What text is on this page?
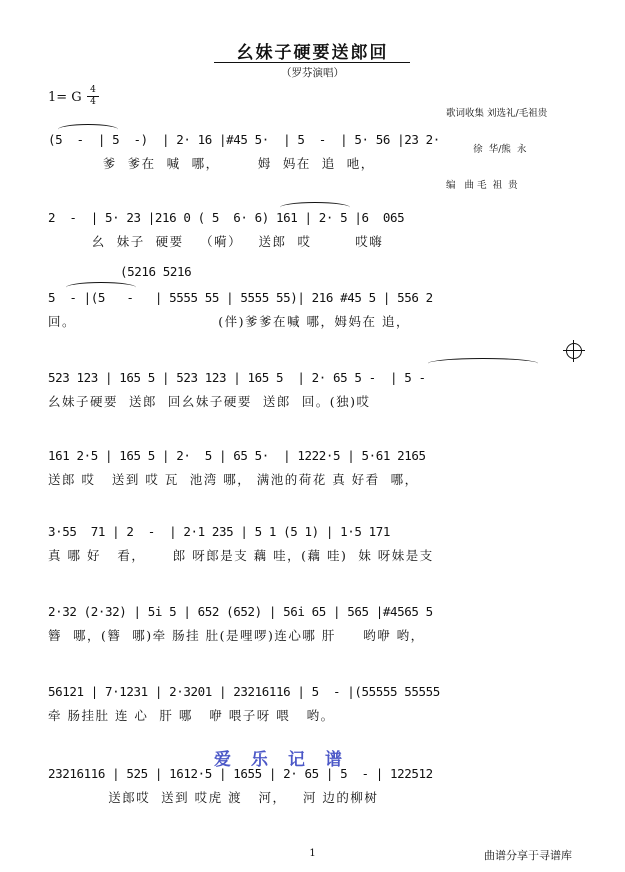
幺妹子硬要送郎回
（罗芬演唱）
1= G 4
4

歌词收集 刘选礼/毛祖贵

徐  华/熊  永

编   曲 毛  祖  贵

(5  -  | 5  -)  | 2· 16 |#45 5·  | 5  -  | 5· 56 |23 2·
爹  爹在  喊  哪，       姆  妈在  追  吔，
2  -  | 5· 23 |216 0 ( 5  6· 6) 161 | 2· 5 |6  065
幺  妹子  硬要   （嗬）   送郎  哎        哎嗨
(5216 5216
5  - |(5   -   | 5555 55 | 5555 55)| 216 #45 5 | 556 2
回。                          (伴)爹爹在喊 哪，姆妈在 追，
523 123 | 165 5 | 523 123 | 165 5  | 2· 65 5 -  | 5 -
幺妹子硬要  送郎  回幺妹子硬要  送郎  回。(独)哎
161 2·5 | 165 5 | 2·  5 | 65 5·  | 1222·5 | 5·61 2165
送郎 哎   送到 哎 瓦  池湾 哪， 满池的荷花 真 好看  哪，
3·55  71 | 2  -  | 2·1 235 | 5 1 (5 1) | 1·5 171
真 哪 好   看，     郎 呀郎是支 藕 哇，(藕 哇)  妹 呀妹是支
2·32 (2·32) | 5i 5 | 652 (652) | 56i 65 | 565 |#4565 5
簪  哪，(簪  哪)牵 肠挂 肚(是哩啰)连心哪 肝     哟咿 哟，
56121 | 7·1231 | 2·3201 | 23216116 | 5  - |(55555 55555
牵 肠挂肚 连 心  肝 哪   咿 喂子呀 喂   哟。
爱乐记谱
23216116 | 525 | 1612·5 | 1655 | 2· 65 | 5  - | 122512
送郎哎  送到 哎虎 渡   河，   河 边的柳树
1	曲谱分享于寻谱库
